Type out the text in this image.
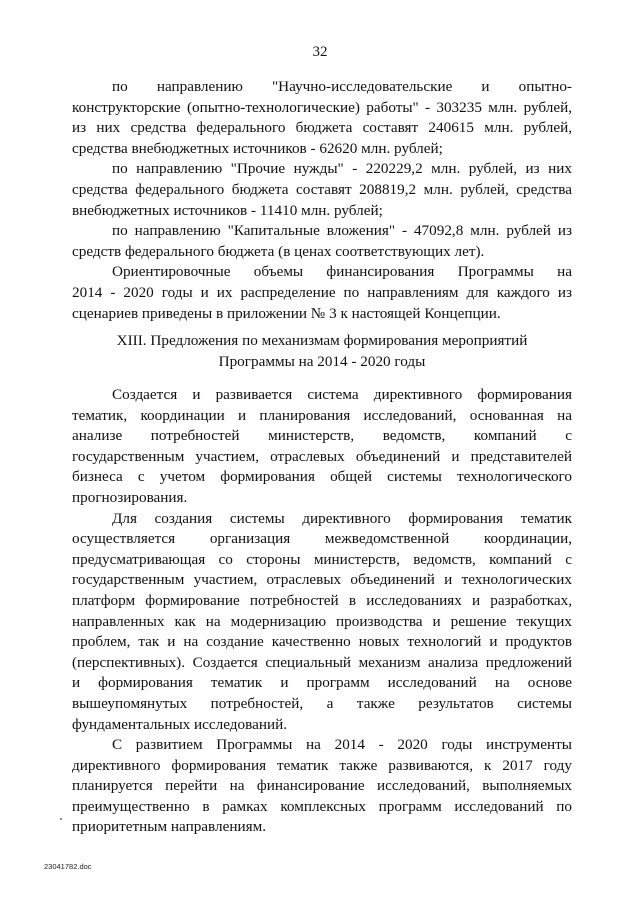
32
по направлению "Научно-исследовательские и опытно-
конструкторские (опытно-технологические) работы" - 303235 млн. рублей,
из них средства федерального бюджета составят 240615 млн. рублей,
средства внебюджетных источников - 62620 млн. рублей;
по направлению "Прочие нужды" - 220229,2 млн. рублей, из них
средства федерального бюджета составят 208819,2 млн. рублей, средства
внебюджетных источников - 11410 млн. рублей;
по направлению "Капитальные вложения" - 47092,8 млн. рублей из
средств федерального бюджета (в ценах соответствующих лет).
Ориентировочные объемы финансирования Программы на
2014 - 2020 годы и их распределение по направлениям для каждого из
сценариев приведены в приложении № 3 к настоящей Концепции.
XIII. Предложения по механизмам формирования мероприятий
Программы на 2014 - 2020 годы
Создается и развивается система директивного формирования
тематик, координации и планирования исследований, основанная на
анализе потребностей министерств, ведомств, компаний с
государственным участием, отраслевых объединений и представителей
бизнеса с учетом формирования общей системы технологического
прогнозирования.
Для создания системы директивного формирования тематик
осуществляется организация межведомственной координации,
предусматривающая со стороны министерств, ведомств, компаний с
государственным участием, отраслевых объединений и технологических
платформ формирование потребностей в исследованиях и разработках,
направленных как на модернизацию производства и решение текущих
проблем, так и на создание качественно новых технологий и продуктов
(перспективных). Создается специальный механизм анализа предложений
и формирования тематик и программ исследований на основе
вышеупомянутых потребностей, а также результатов системы
фундаментальных исследований.
С развитием Программы на 2014 - 2020 годы инструменты
директивного формирования тематик также развиваются, к 2017 году
планируется перейти на финансирование исследований, выполняемых
преимущественно в рамках комплексных программ исследований по
приоритетным направлениям.
23041782.doc
